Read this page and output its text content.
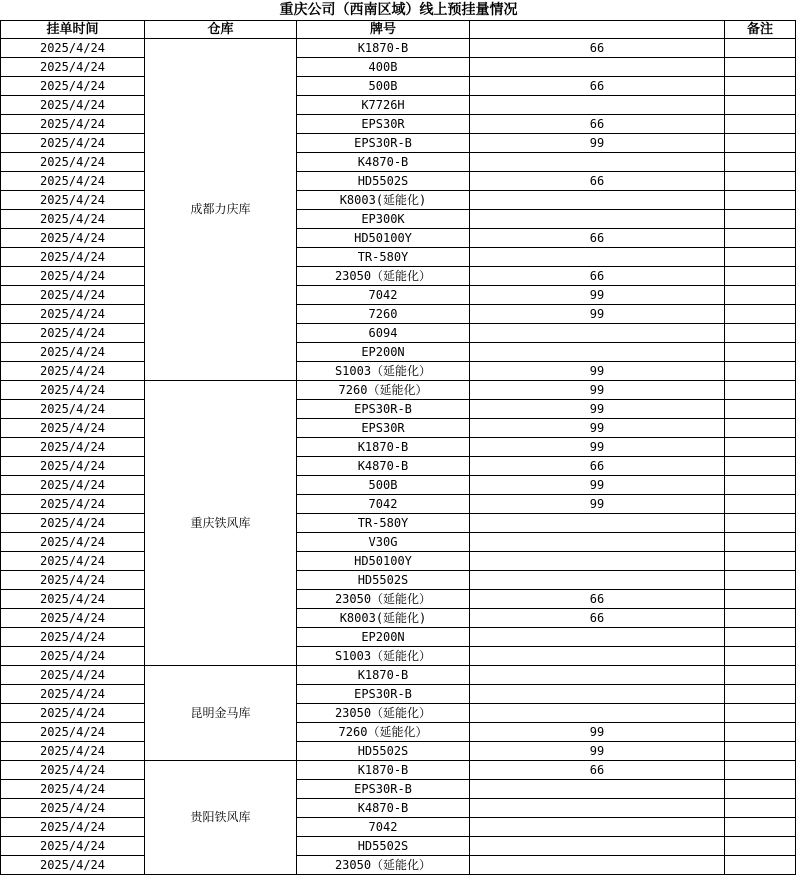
重庆公司（西南区域）线上预挂量情况
挂单时间	仓库	牌号	备注
成都力庆库
2025/4/24	K1870-B	66
2025/4/24	400B
2025/4/24	500B	66
2025/4/24	K7726H
2025/4/24	EPS30R	66
2025/4/24	EPS30R-B	99
2025/4/24	K4870-B
2025/4/24	HD5502S	66
2025/4/24	K8003(延能化)
2025/4/24	EP300K
2025/4/24	HD50100Y	66
2025/4/24	TR-580Y
2025/4/24	23050（延能化）	66
2025/4/24	7042	99
2025/4/24	7260	99
2025/4/24	6094
2025/4/24	EP200N
2025/4/24	S1003（延能化）	99
重庆铁风库
2025/4/24	7260（延能化）	99
2025/4/24	EPS30R-B	99
2025/4/24	EPS30R	99
2025/4/24	K1870-B	99
2025/4/24	K4870-B	66
2025/4/24	500B	99
2025/4/24	7042	99
2025/4/24	TR-580Y
2025/4/24	V30G
2025/4/24	HD50100Y
2025/4/24	HD5502S
2025/4/24	23050（延能化）	66
2025/4/24	K8003(延能化)	66
2025/4/24	EP200N
2025/4/24	S1003（延能化）
昆明金马库
2025/4/24	K1870-B
2025/4/24	EPS30R-B
2025/4/24	23050（延能化）
2025/4/24	7260（延能化）	99
2025/4/24	HD5502S	99
贵阳铁风库
2025/4/24	K1870-B	66
2025/4/24	EPS30R-B
2025/4/24	K4870-B
2025/4/24	7042
2025/4/24	HD5502S
2025/4/24	23050（延能化）
